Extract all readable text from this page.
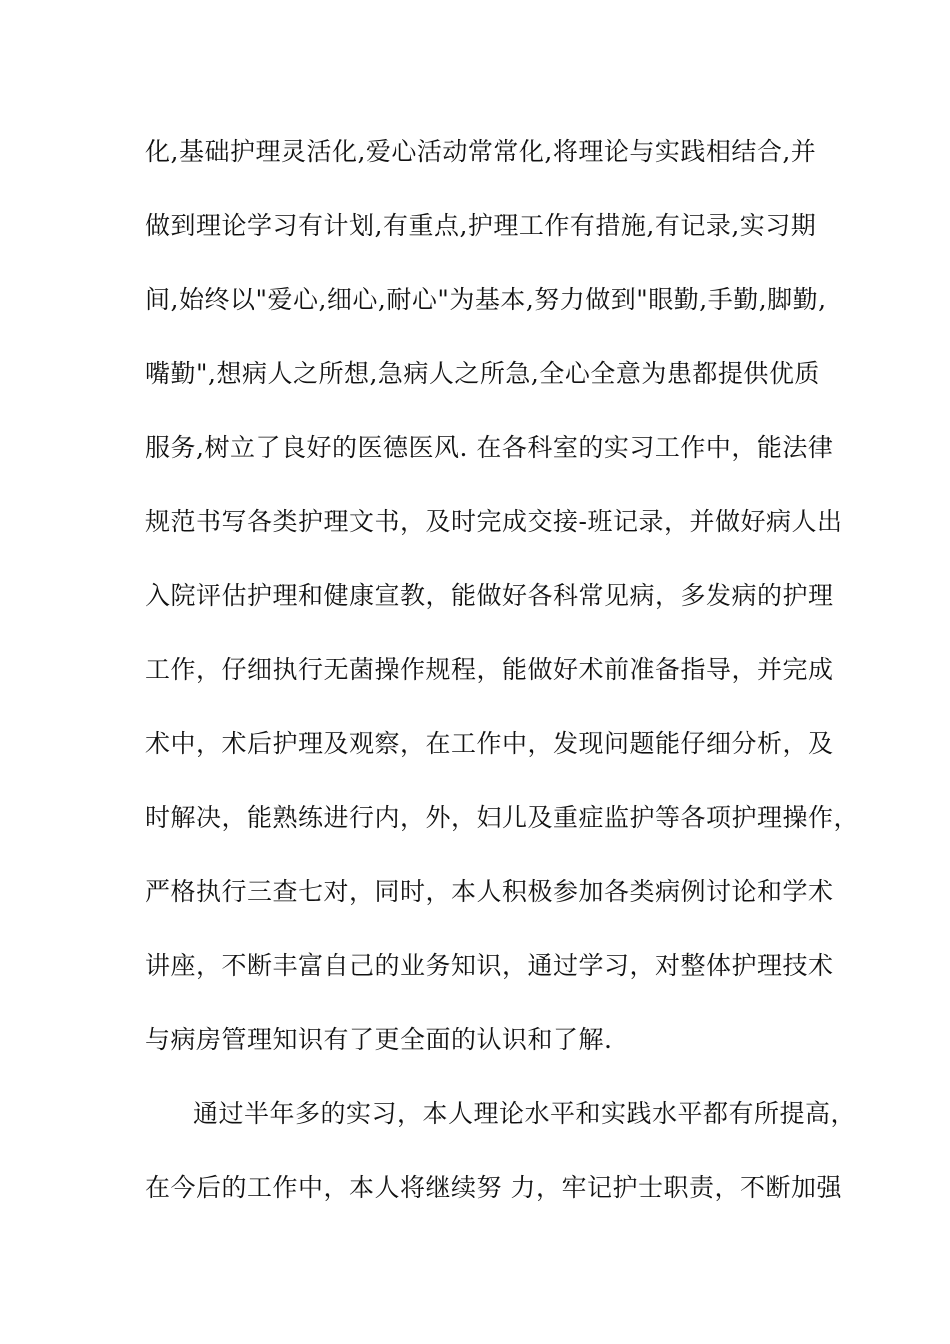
化,基础护理灵活化,爱心活动常常化,将理论与实践相结合,并
做到理论学习有计划,有重点,护理工作有措施,有记录,实习期
间,始终以"爱心,细心,耐心"为基本,努力做到"眼勤,手勤,脚勤,
嘴勤",想病人之所想,急病人之所急,全心全意为患都提供优质
服务,树立了良好的医德医风. 在各科室的实习工作中，能法律
规范书写各类护理文书，及时完成交接-班记录，并做好病人出
入院评估护理和健康宣教，能做好各科常见病，多发病的护理
工作，仔细执行无菌操作规程，能做好术前准备指导，并完成
术中，术后护理及观察，在工作中，发现问题能仔细分析，及
时解决，能熟练进行内，外，妇儿及重症监护等各项护理操作，
严格执行三查七对，同时，本人积极参加各类病例讨论和学术
讲座，不断丰富自己的业务知识，通过学习，对整体护理技术
与病房管理知识有了更全面的认识和了解.
通过半年多的实习，本人理论水平和实践水平都有所提高，
在今后的工作中，本人将继续努 力，牢记护士职责，不断加强
